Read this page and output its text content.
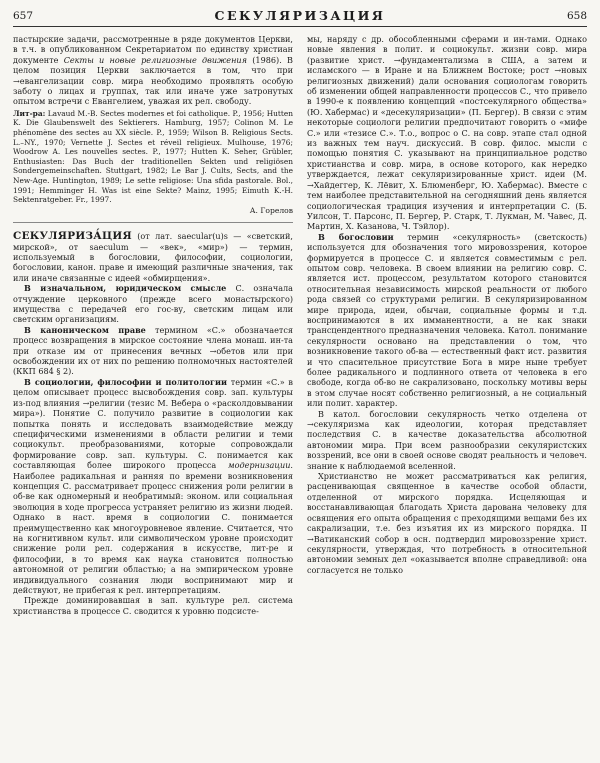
657	СЕКУЛЯРИЗАЦИЯ	658

пастырские задачи, рассмотренные в ряде документов Церкви, в т.ч. в опубликованном Секретариатом по единству христиан документе Секты и новые религиозные движения (1986). В целом позиция Церкви заключается в том, что при →евангелизации совр. мира необходимо проявлять особую заботу о лицах и группах, так или иначе уже затронутых опытом встречи с Евангелием, уважая их рел. свободу.

Лит-ра: Lavaud M.-B. Sectes modernes et foi catholique. P., 1956; Hutten K. Die Glaubenswelt des Sektierers. Hamburg, 1957; Colinon M. Le phénomène des sectes au XX siècle. P., 1959; Wilson B. Religious Sects. L.–NY., 1970; Vernette J. Sectes et réveil religieux. Mulhouse, 1976; Woodrow A. Les nouvelles sectes. P., 1977; Hutten K. Seher, Grübler, Enthusiasten: Das Buch der traditionellen Sekten und religiösen Sondergemeinschaften. Stuttgart, 1982; Le Bar J. Cults, Sects, and the New-Age. Huntington, 1989; Le sette religiose: Una sfida pastorale. Bol., 1991; Hemminger H. Was ist eine Sekte? Mainz, 1995; Eimuth K.-H. Sektenratgeber. Fr., 1997.
А. Горелов

СЕКУЛЯРИЗА́ЦИЯ (от лат. saecular(u)s — «светский, мирской», от saeculum — «век», «мир») — термин, используемый в богословии, философии, социологии, богословии, канон. праве и имеющий различные значения, так или иначе связанные с идеей «обмирщения».

В изначальном, юридическом смысле С. означала отчуждение церковного (прежде всего монастырского) имущества с передачей его гос-ву, светским лицам или светским организациям.

В каноническом праве термином «С.» обозначается процесс возвращения в мирское состояние члена монаш. ин-та при отказе им от принесения вечных →обетов или при освобождении их от них по решению полномочных настоятелей (ККП 684 § 2).

В социологии, философии и политологии термин «С.» в целом описывает процесс высвобождения совр. зап. культуры из-под влияния →религии (тезис М. Вебера о «расколдовывании мира»). Понятие С. получило развитие в социологии как попытка понять и исследовать взаимодействие между специфическими изменениями в области религии и теми социокульт. преобразованиями, которые сопровождали формирование совр. зап. культуры. С. понимается как составляющая более широкого процесса модернизации. Наиболее радикальная и ранняя по времени возникновения концепция С. рассматривает процесс снижения роли религии в об-ве как одномерный и необратимый: эконом. или социальная эволюция в ходе прогресса устраняет религию из жизни людей. Однако в наст. время в социологии С. понимается преимущественно как многоуровневое явление. Считается, что на когнитивном культ. или символическом уровне происходит снижение роли рел. содержания в искусстве, лит-ре и философии, в то время как наука становится полностью автономной от религии областью; а на эмпирическом уровне индивидуального сознания люди воспринимают мир и действуют, не прибегая к рел. интерпретациям.

Прежде доминировавшая в зап. культуре рел. система христианства в процессе С. сводится к уровню подсисте-

мы, наряду с др. обособленными сферами и ин-тами. Однако новые явления в полит. и социокульт. жизни совр. мира (развитие христ. →фундаментализма в США, а затем и исламского — в Иране и на Ближнем Востоке; рост →новых религиозных движений) дали основания социологам говорить об изменении общей направленности процессов С., что привело в 1990-е к появлению концепций «постсекулярного общества» (Ю. Хабермас) и «десекуляризации» (П. Бергер). В связи с этим некоторые социологи религии предпочитают говорить о «мифе С.» или «тезисе С.». Т.о., вопрос о С. на совр. этапе стал одной из важных тем науч. дискуссий. В совр. филос. мысли с помощью понятия С. указывают на принципиальное родство христианства и совр. мира, в основе которого, как нередко утверждается, лежат секуляризированные христ. идеи (М. →Хайдеггер, К. Лёвит, Х. Блюменберг, Ю. Хабермас). Вместе с тем наиболее представительной на сегодняшний день является социологическая традиция изучения и интерпретации С. (Б. Уилсон, Т. Парсонс, П. Бергер, Р. Старк, Т. Лукман, М. Чавес, Д. Мартин, Х. Казанова, Ч. Тэйлор).

В богословии термин «секулярность» (светскость) используется для обозначения того мировоззрения, которое формируется в процессе С. и является совместимым с рел. опытом совр. человека. В своем влиянии на религию совр. С. является ист. процессом, результатом которого становится относительная независимость мирской реальности от любого рода связей со структурами религии. В секуляризированном мире природа, идеи, обычаи, социальные формы и т.д. воспринимаются в их имманентности, а не как знаки трансцендентного предназначения человека. Катол. понимание секулярности основано на представлении о том, что возникновение такого об-ва — естественный факт ист. развития и что спасительное присутствие Бога в мире ныне требует более радикального и подлинного ответа от человека в его свободе, когда об-во не сакрализовано, поскольку мотивы веры в этом случае носят собственно религиозный, а не социальный или полит. характер.

В катол. богословии секулярность четко отделена от →секуляризма как идеологии, которая представляет последствия С. в качестве доказательства абсолютной автономии мира. При всем разнообразии секуляристских воззрений, все они в своей основе сводят реальность и человеч. знание к наблюдаемой вселенной.

Христианство не может рассматриваться как религия, расценивающая священное в качестве особой области, отделенной от мирского порядка. Исцеляющая и восстанавливающая благодать Христа дарована человеку для освящения его опыта обращения с преходящими вещами без их сакрализации, т.е. без изъятия их из мирского порядка. II →Ватиканский собор в осн. подтвердил мировоззрение христ. секулярности, утверждая, что потребность в относительной автономии земных дел «оказывается вполне справедливой: она согласуется не только
